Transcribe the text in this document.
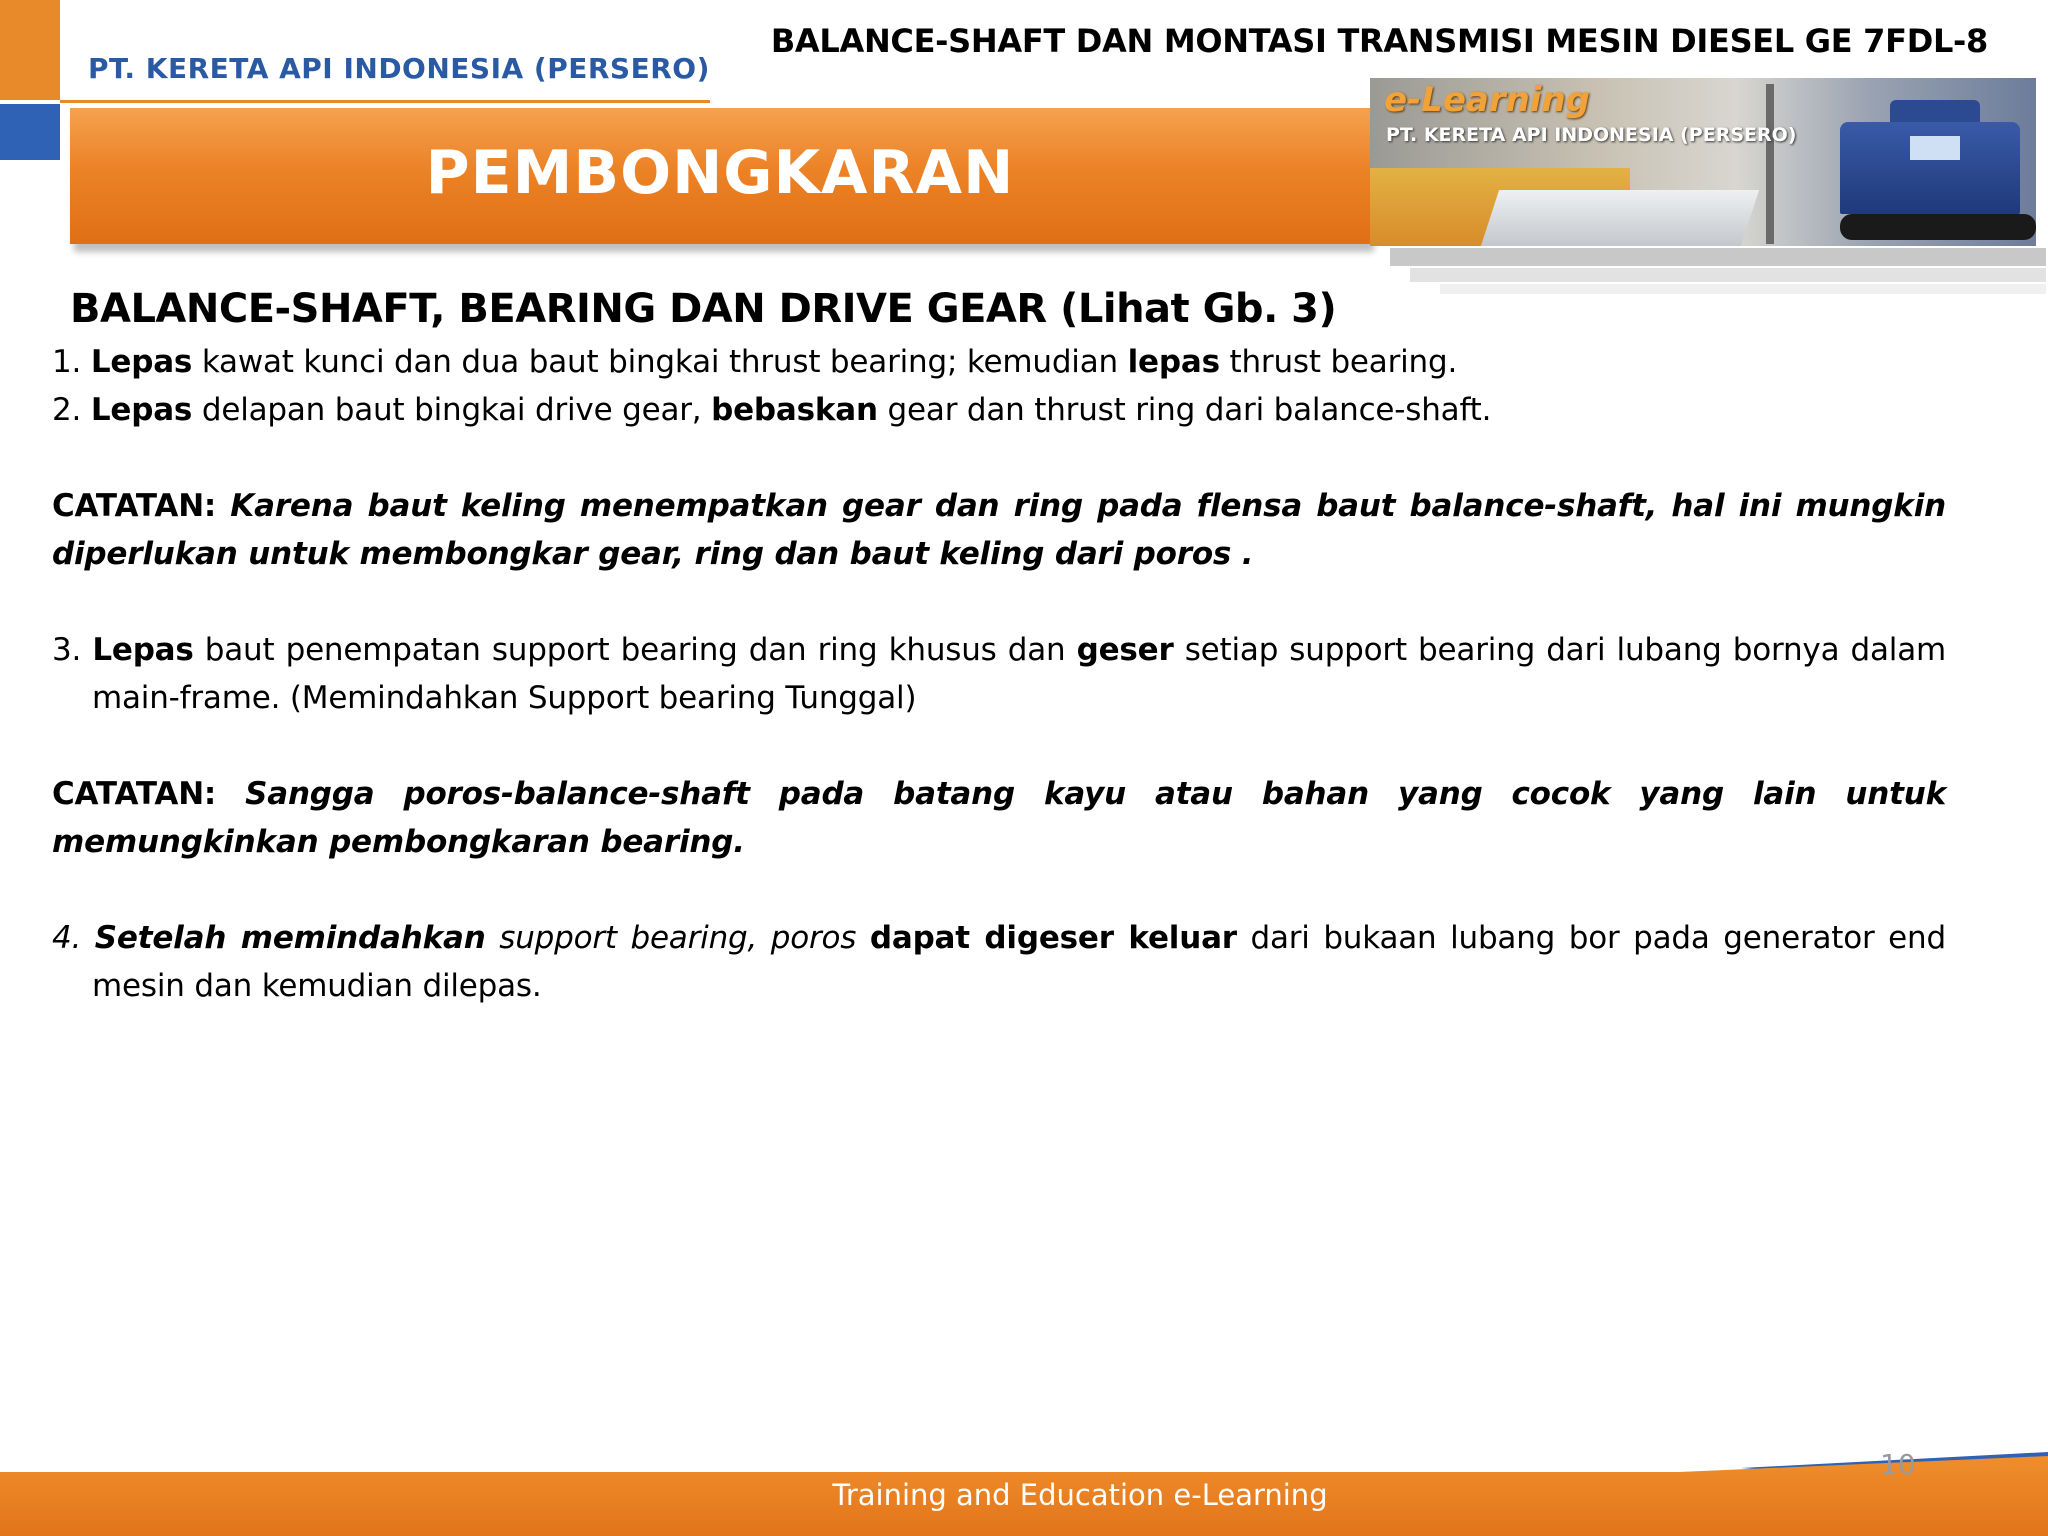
PT. KERETA API INDONESIA (PERSERO)
BALANCE-SHAFT DAN MONTASI TRANSMISI MESIN DIESEL GE 7FDL-8
PEMBONGKARAN
e-Learning
PT. KERETA API INDONESIA (PERSERO)
BALANCE-SHAFT, BEARING DAN DRIVE GEAR (Lihat Gb. 3)

1. Lepas kawat kunci dan dua baut bingkai thrust bearing; kemudian lepas thrust bearing.

2. Lepas delapan baut bingkai drive gear, bebaskan gear dan thrust ring dari balance-shaft.

CATATAN: Karena baut keling menempatkan gear dan ring pada flensa baut balance-shaft, hal ini mungkin diperlukan untuk membongkar gear, ring dan baut keling dari poros .

3. Lepas baut penempatan support bearing dan ring khusus dan geser setiap support bearing dari lubang bornya dalam main-frame. (Memindahkan Support bearing Tunggal)

CATATAN: Sangga poros-balance-shaft pada batang kayu atau bahan yang cocok yang lain untuk memungkinkan pembongkaran bearing.

4. Setelah memindahkan support bearing, poros dapat digeser keluar dari bukaan lubang bor pada generator end mesin dan kemudian dilepas.

Training and Education e-Learning
10
